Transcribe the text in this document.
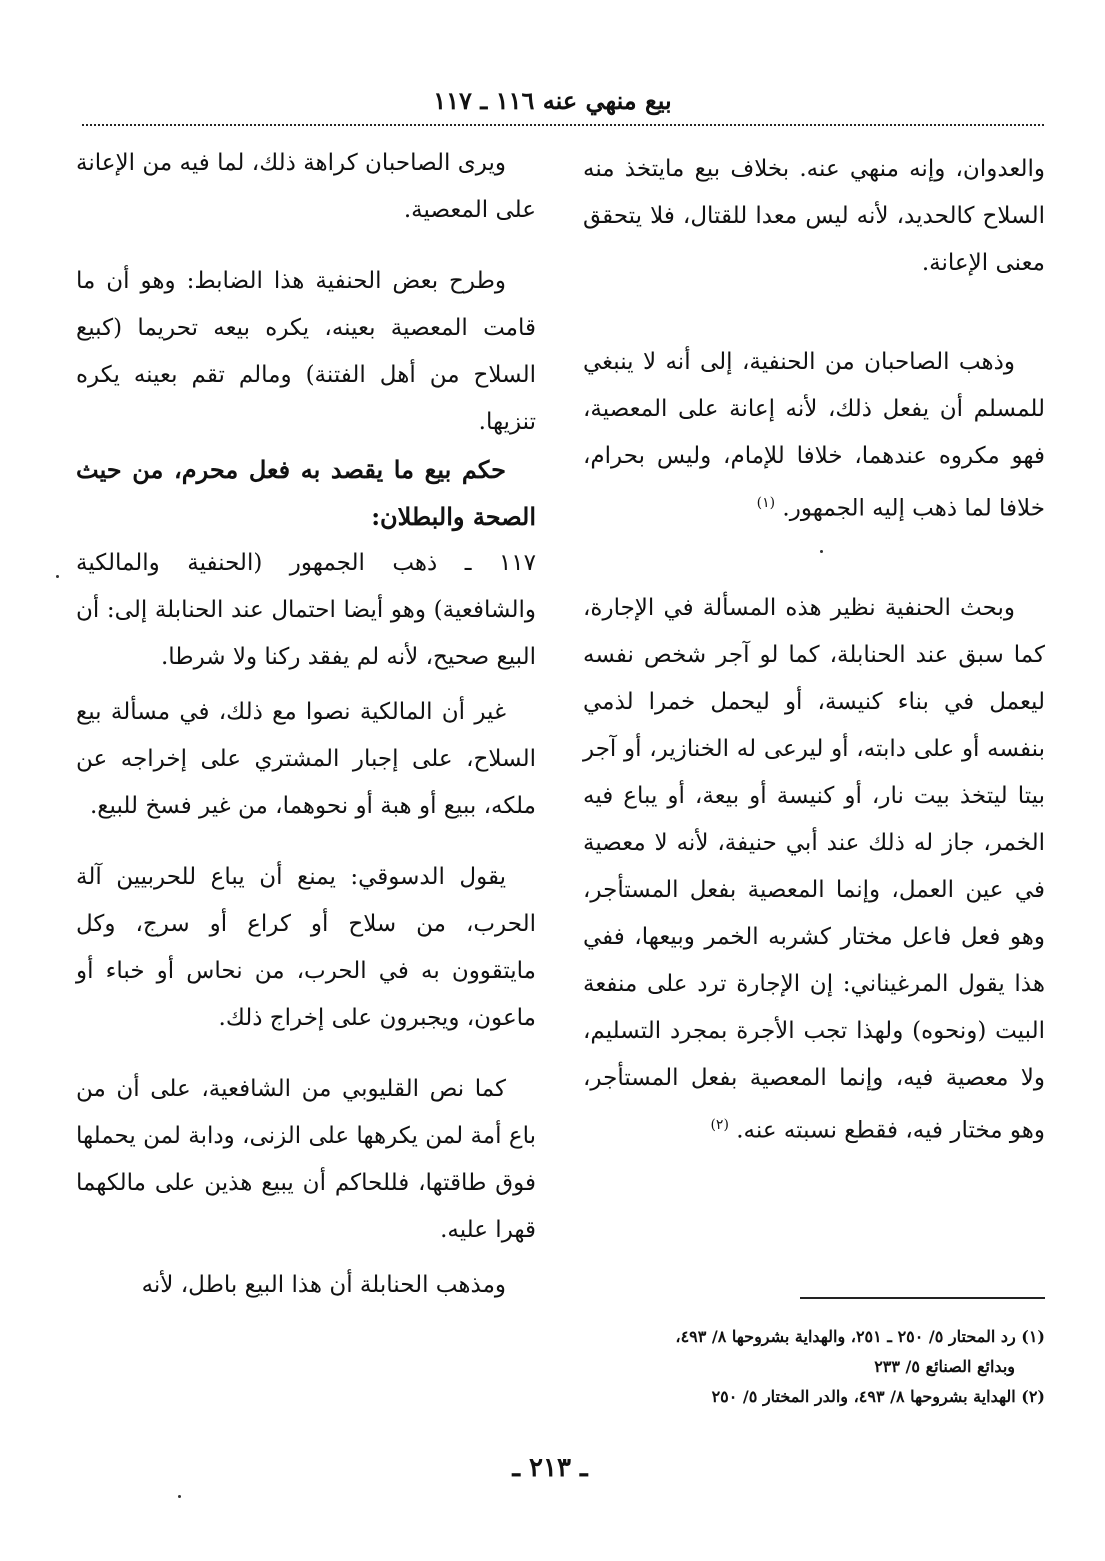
بيع منهي عنه ١١٦ ـ ١١٧

والعدوان، وإنه منهي عنه. بخلاف بيع مايتخذ منه السلاح كالحديد، لأنه ليس معدا للقتال، فلا يتحقق معنى الإعانة.

وذهب الصاحبان من الحنفية، إلى أنه لا ينبغي للمسلم أن يفعل ذلك، لأنه إعانة على المعصية، فهو مكروه عندهما، خلافا للإمام، وليس بحرام، خلافا لما ذهب إليه الجمهور. $^{(١)}$

وبحث الحنفية نظير هذه المسألة في الإجارة، كما سبق عند الحنابلة، كما لو آجر شخص نفسه ليعمل في بناء كنيسة، أو ليحمل خمرا لذمي بنفسه أو على دابته، أو ليرعى له الخنازير، أو آجر بيتا ليتخذ بيت نار، أو كنيسة أو بيعة، أو يباع فيه الخمر، جاز له ذلك عند أبي حنيفة، لأنه لا معصية في عين العمل، وإنما المعصية بفعل المستأجر، وهو فعل فاعل مختار كشربه الخمر وبيعها، ففي هذا يقول المرغيناني: إن الإجارة ترد على منفعة البيت (ونحوه) ولهذا تجب الأجرة بمجرد التسليم، ولا معصية فيه، وإنما المعصية بفعل المستأجر، وهو مختار فيه، فقطع نسبته عنه. $^{(٢)}$

ويرى الصاحبان كراهة ذلك، لما فيه من الإعانة على المعصية.

وطرح بعض الحنفية هذا الضابط: وهو أن ما قامت المعصية بعينه، يكره بيعه تحريما (كبيع السلاح من أهل الفتنة) ومالم تقم بعينه يكره تنزيها.

حكم بيع ما يقصد به فعل محرم، من حيث الصحة والبطلان:

١١٧ ـ ذهب الجمهور (الحنفية والمالكية والشافعية) وهو أيضا احتمال عند الحنابلة إلى: أن البيع صحيح، لأنه لم يفقد ركنا ولا شرطا.

غير أن المالكية نصوا مع ذلك، في مسألة بيع السلاح، على إجبار المشتري على إخراجه عن ملكه، ببيع أو هبة أو نحوهما، من غير فسخ للبيع.

يقول الدسوقي: يمنع أن يباع للحربيين آلة الحرب، من سلاح أو كراع أو سرج، وكل مايتقوون به في الحرب، من نحاس أو خباء أو ماعون، ويجبرون على إخراج ذلك.

كما نص القليوبي من الشافعية، على أن من باع أمة لمن يكرهها على الزنى، ودابة لمن يحملها فوق طاقتها، فللحاكم أن يبيع هذين على مالكهما قهرا عليه.

ومذهب الحنابلة أن هذا البيع باطل، لأنه

(١) رد المحتار ٥/ ٢٥٠ ـ ٢٥١، والهداية بشروحها ٨/ ٤٩٣،
وبدائع الصنائع ٥/ ٢٣٣
(٢) الهداية بشروحها ٨/ ٤٩٣، والدر المختار ٥/ ٢٥٠
ـ ٢١٣ ـ
